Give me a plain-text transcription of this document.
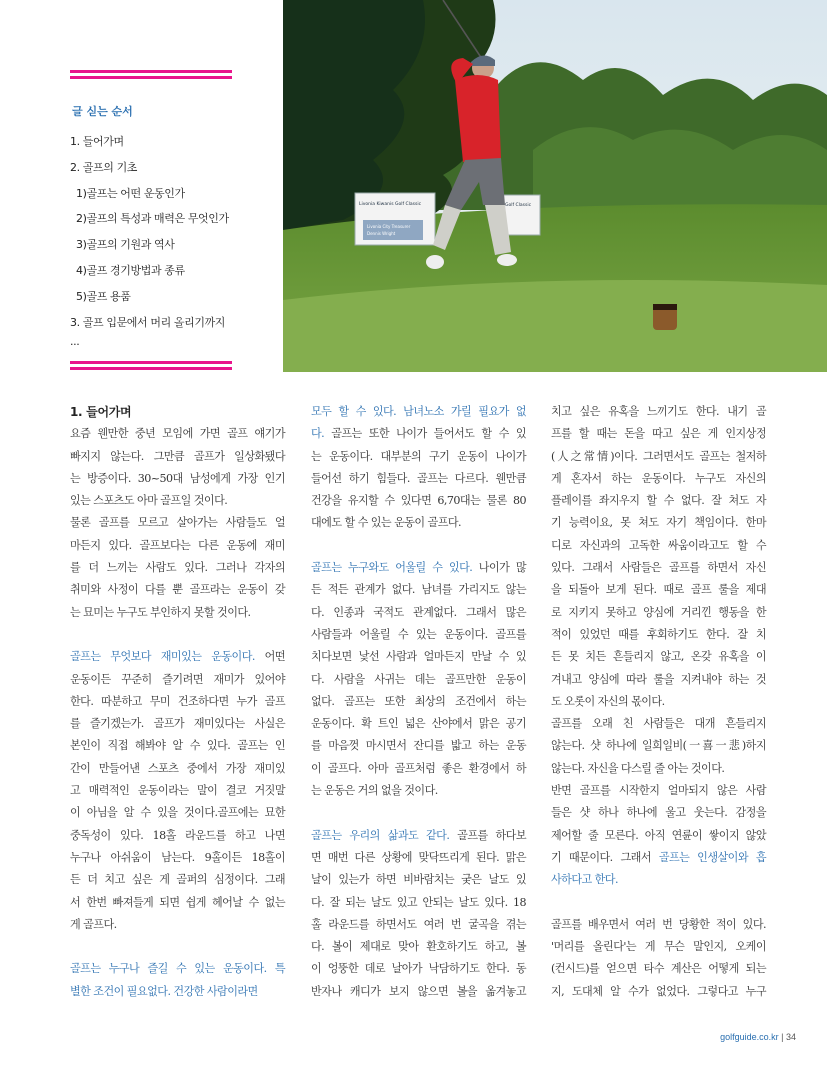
Livonia Kiwanis Golf Classic
Livonia City Treasurer
Dennis Wright
Golf Classic
글 싣는 순서
1. 들어가며
2. 골프의 기초
1)골프는 어떤 운동인가
2)골프의 특성과 매력은 무엇인가
3)골프의 기원과 역사
4)골프 경기방법과 종류
5)골프 용품
3. 골프 입문에서 머리 올리기까지
...
1. 들어가며
요즘 웬만한 중년 모임에 가면 골프 얘기가
빠지지 않는다. 그만큼 골프가 일상화됐다
는 방증이다. 30~50대 남성에게 가장 인기
있는 스포츠도 아마 골프일 것이다.
물론 골프를 모르고 살아가는 사람들도 얼
마든지 있다. 골프보다는 다른 운동에 재미
를 더 느끼는 사람도 있다. 그러나 각자의
취미와 사정이 다를 뿐 골프라는 운동이 갖
는 묘미는 누구도 부인하지 못할 것이다.
골프는 무엇보다 재미있는 운동이다. 어떤
운동이든 꾸준히 즐기려면 재미가 있어야
한다. 따분하고 무미 건조하다면 누가 골프
를 즐기겠는가. 골프가 재미있다는 사실은
본인이 직접 해봐야 알 수 있다. 골프는 인
간이 만들어낸 스포츠 중에서 가장 재미있
고 매력적인 운동이라는 말이 결코 거짓말
이 아님을 알 수 있을 것이다.골프에는 묘한
중독성이 있다. 18홀 라운드를 하고 나면
누구나 아쉬움이 남는다. 9홀이든 18홀이
든 더 치고 싶은 게 골퍼의 심정이다. 그래
서 한번 빠져들게 되면 쉽게 헤어날 수 없는
게 골프다.
골프는 누구나 즐길 수 있는 운동이다. 특
별한 조건이 필요없다. 건강한 사람이라면
모두 할 수 있다. 남녀노소 가릴 필요가 없
다. 골프는 또한 나이가 들어서도 할 수 있
는 운동이다. 대부분의 구기 운동이 나이가
들어선 하기 힘들다. 골프는 다르다. 웬만큼
건강을 유지할 수 있다면 6,70대는 물론 80
대에도 할 수 있는 운동이 골프다.
골프는 누구와도 어울릴 수 있다. 나이가 많
든 적든 관계가 없다. 남녀를 가리지도 않는
다. 인종과 국적도 관계없다. 그래서 많은
사람들과 어울릴 수 있는 운동이다. 골프를
치다보면 낯선 사람과 얼마든지 만날 수 있
다. 사람을 사귀는 데는 골프만한 운동이
없다. 골프는 또한 최상의 조건에서 하는
운동이다. 확 트인 넓은 산야에서 맑은 공기
를 마음껏 마시면서 잔디를 밟고 하는 운동
이 골프다. 아마 골프처럼 좋은 환경에서 하
는 운동은 거의 없을 것이다.
골프는 우리의 삶과도 같다. 골프를 하다보
면 매번 다른 상황에 맞닥뜨리게 된다. 맑은
날이 있는가 하면 비바람치는 궂은 날도 있
다. 잘 되는 날도 있고 안되는 날도 있다. 18
홀 라운드를 하면서도 여러 번 굴곡을 겪는
다. 볼이 제대로 맞아 환호하기도 하고, 볼
이 엉뚱한 데로 날아가 낙담하기도 한다. 동
반자나 캐디가 보지 않으면 볼을 옮겨놓고
치고 싶은 유혹을 느끼기도 한다. 내기 골
프를 할 때는 돈을 따고 싶은 게 인지상정
(人之常情)이다. 그러면서도 골프는 철저하
게 혼자서 하는 운동이다. 누구도 자신의
플레이를 좌지우지 할 수 없다. 잘 쳐도 자
기 능력이요, 못 쳐도 자기 책임이다. 한마
디로 자신과의 고독한 싸움이라고도 할 수
있다. 그래서 사람들은 골프를 하면서 자신
을 되돌아 보게 된다. 때로 골프 룰을 제대
로 지키지 못하고 양심에 거리낀 행동을 한
적이 있었던 때를 후회하기도 한다. 잘 치
든 못 치든 흔들리지 않고, 온갖 유혹을 이
겨내고 양심에 따라 룰을 지켜내야 하는 것
도 오롯이 자신의 몫이다.
골프를 오래 친 사람들은 대개 흔들리지
않는다. 샷 하나에 일희일비(一喜一悲)하지
않는다. 자신을 다스릴 줄 아는 것이다.
반면 골프를 시작한지 얼마되지 않은 사람
들은 샷 하나 하나에 울고 웃는다. 감정을
제어할 줄 모른다. 아직 연륜이 쌓이지 않았
기 때문이다. 그래서 골프는 인생살이와 흡
사하다고 한다.
골프를 배우면서 여러 번 당황한 적이 있다.
'머리를 올린다'는 게 무슨 말인지, 오케이
(컨시드)를 얻으면 타수 계산은 어떻게 되는
지, 도대체 알 수가 없었다. 그렇다고 누구
golfguide.co.kr | 34
